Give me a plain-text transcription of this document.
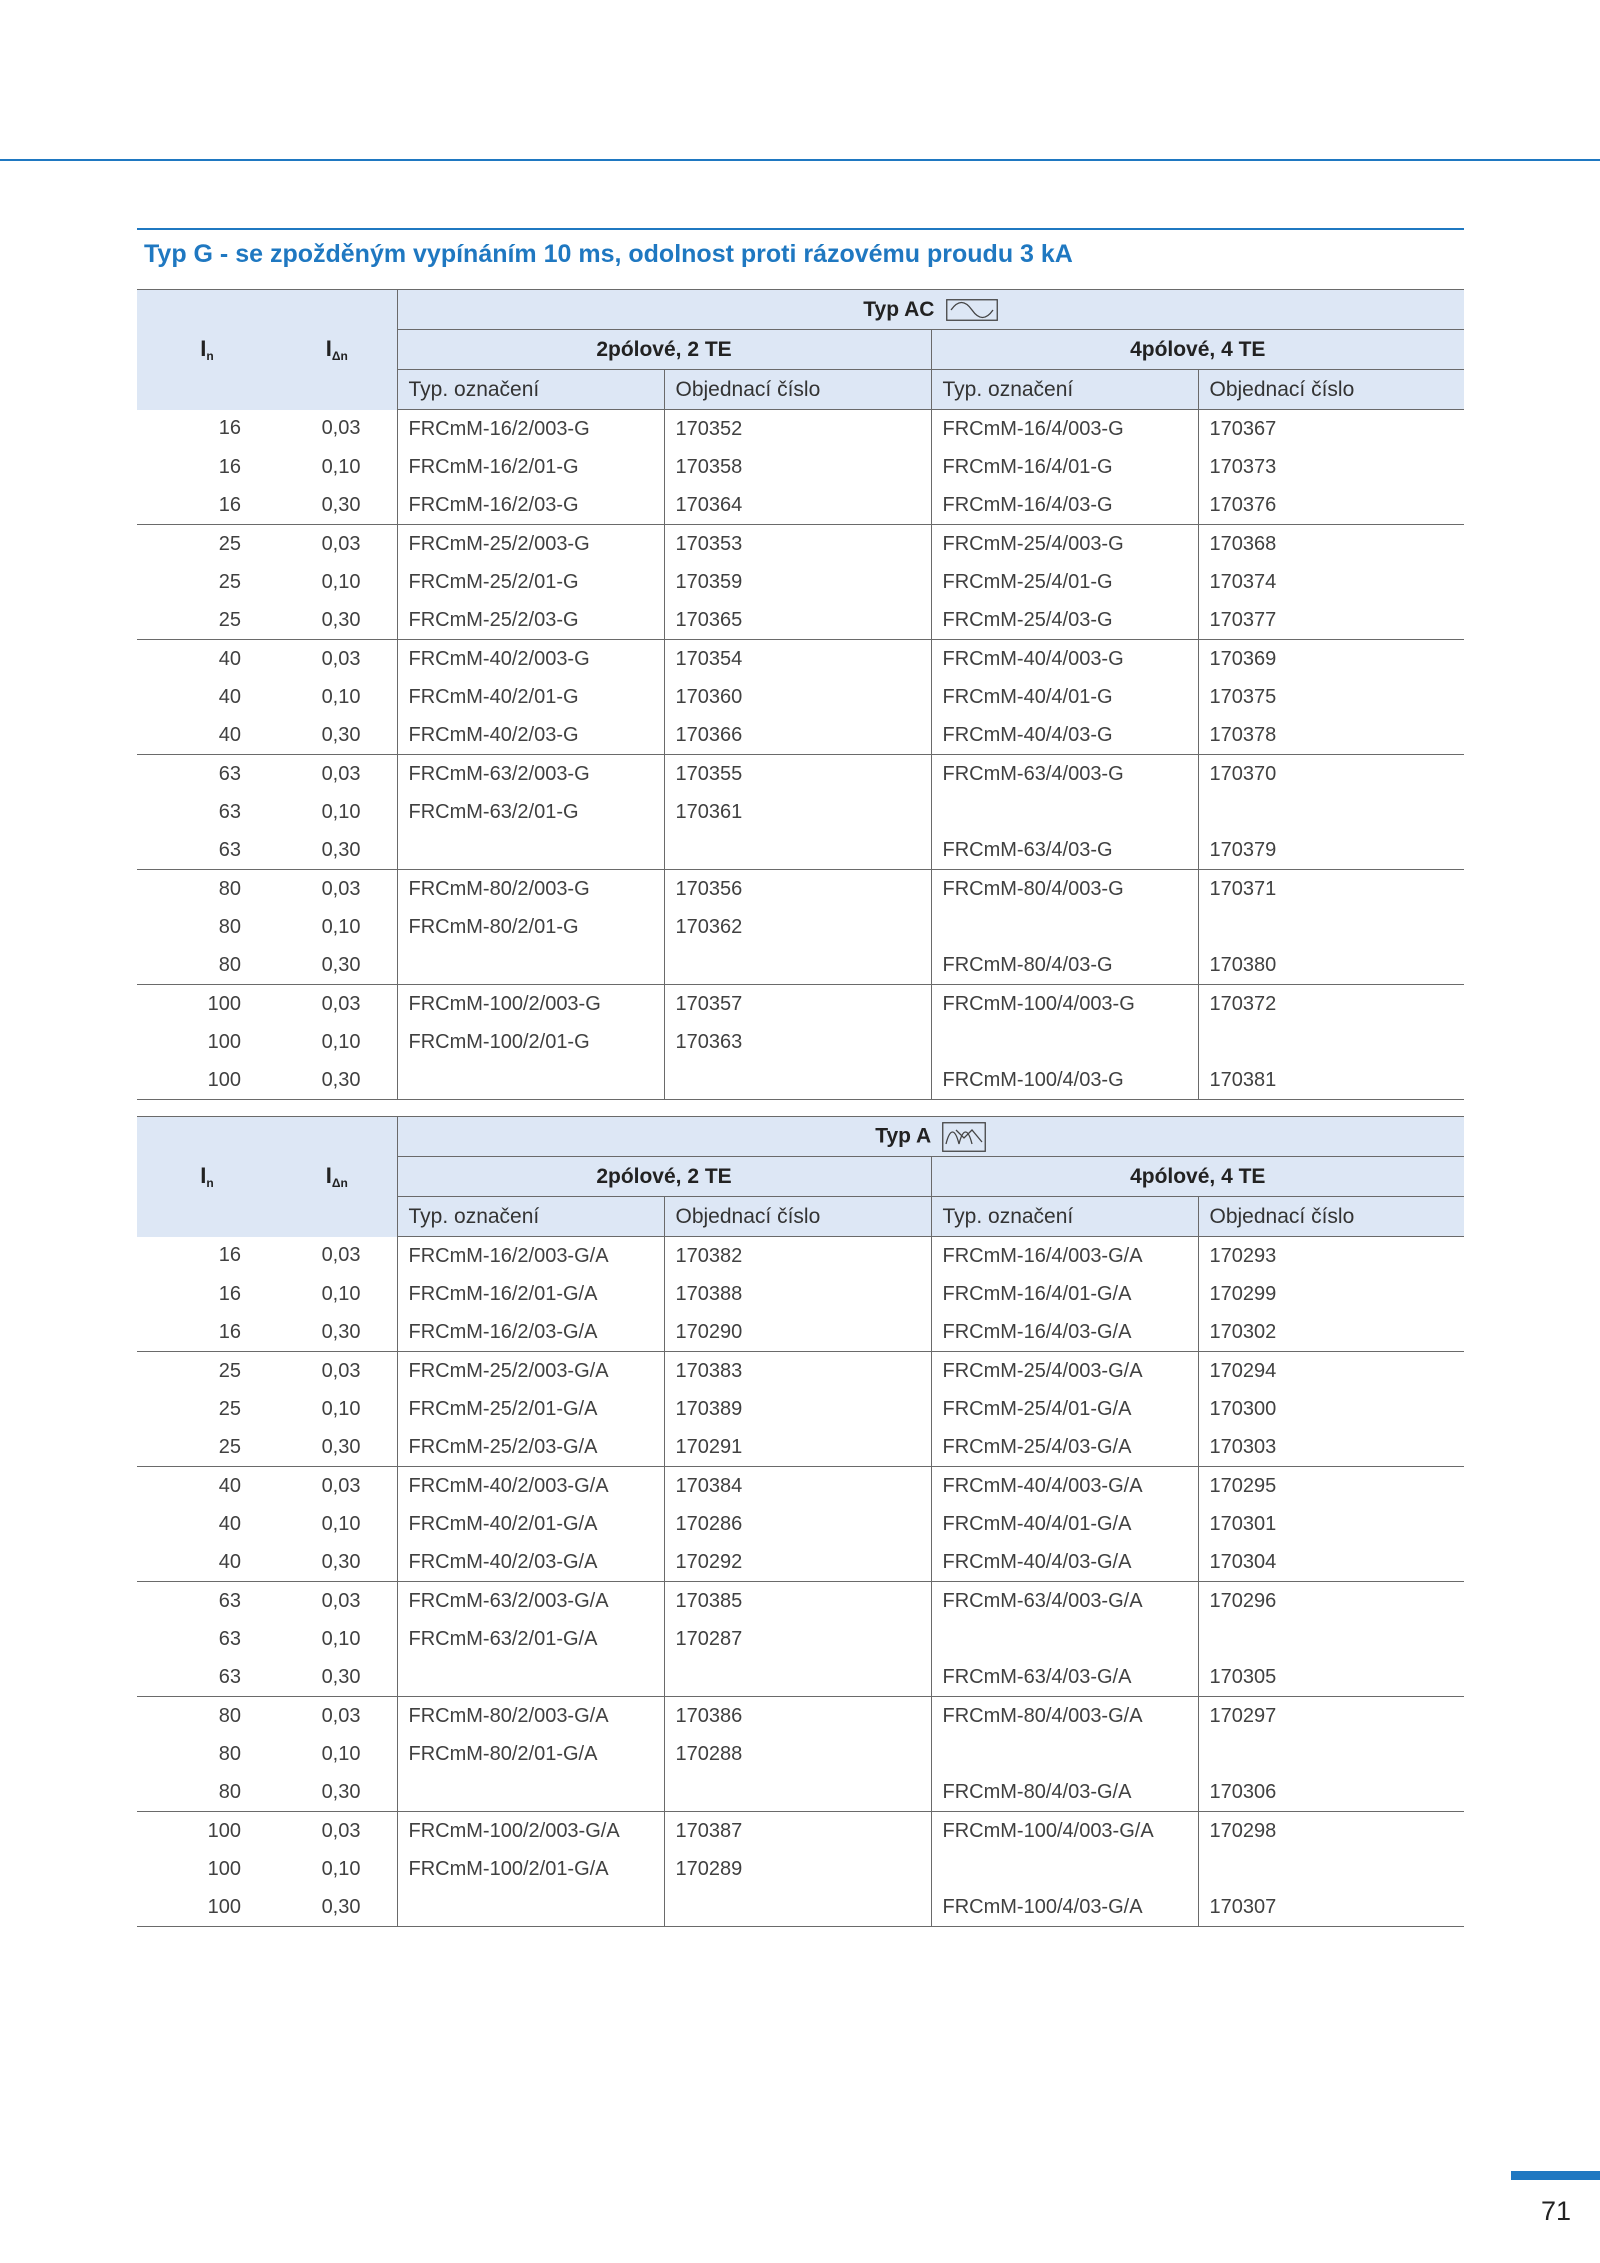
Typ G - se zpožděným vypínáním 10 ms, odolnost proti rázovému proudu 3 kA
$I_n$	$I_{\Delta n}$	Typ AC			
		2pólové, 2 TE		4pólové, 4 TE	
		Typ. označení	Objednací číslo	Typ. označení	Objednací číslo
16	0,03	FRCmM-16/2/003-G	170352	FRCmM-16/4/003-G	170367
16	0,10	FRCmM-16/2/01-G	170358	FRCmM-16/4/01-G	170373
16	0,30	FRCmM-16/2/03-G	170364	FRCmM-16/4/03-G	170376
25	0,03	FRCmM-25/2/003-G	170353	FRCmM-25/4/003-G	170368
25	0,10	FRCmM-25/2/01-G	170359	FRCmM-25/4/01-G	170374
25	0,30	FRCmM-25/2/03-G	170365	FRCmM-25/4/03-G	170377
40	0,03	FRCmM-40/2/003-G	170354	FRCmM-40/4/003-G	170369
40	0,10	FRCmM-40/2/01-G	170360	FRCmM-40/4/01-G	170375
40	0,30	FRCmM-40/2/03-G	170366	FRCmM-40/4/03-G	170378
63	0,03	FRCmM-63/2/003-G	170355	FRCmM-63/4/003-G	170370
63	0,10	FRCmM-63/2/01-G	170361		
63	0,30			FRCmM-63/4/03-G	170379
80	0,03	FRCmM-80/2/003-G	170356	FRCmM-80/4/003-G	170371
80	0,10	FRCmM-80/2/01-G	170362		
80	0,30			FRCmM-80/4/03-G	170380
100	0,03	FRCmM-100/2/003-G	170357	FRCmM-100/4/003-G	170372
100	0,10	FRCmM-100/2/01-G	170363		
100	0,30			FRCmM-100/4/03-G	170381
$I_n$	$I_{\Delta n}$	Typ A			
		2pólové, 2 TE		4pólové, 4 TE	
		Typ. označení	Objednací číslo	Typ. označení	Objednací číslo
16	0,03	FRCmM-16/2/003-G/A	170382	FRCmM-16/4/003-G/A	170293
16	0,10	FRCmM-16/2/01-G/A	170388	FRCmM-16/4/01-G/A	170299
16	0,30	FRCmM-16/2/03-G/A	170290	FRCmM-16/4/03-G/A	170302
25	0,03	FRCmM-25/2/003-G/A	170383	FRCmM-25/4/003-G/A	170294
25	0,10	FRCmM-25/2/01-G/A	170389	FRCmM-25/4/01-G/A	170300
25	0,30	FRCmM-25/2/03-G/A	170291	FRCmM-25/4/03-G/A	170303
40	0,03	FRCmM-40/2/003-G/A	170384	FRCmM-40/4/003-G/A	170295
40	0,10	FRCmM-40/2/01-G/A	170286	FRCmM-40/4/01-G/A	170301
40	0,30	FRCmM-40/2/03-G/A	170292	FRCmM-40/4/03-G/A	170304
63	0,03	FRCmM-63/2/003-G/A	170385	FRCmM-63/4/003-G/A	170296
63	0,10	FRCmM-63/2/01-G/A	170287		
63	0,30			FRCmM-63/4/03-G/A	170305
80	0,03	FRCmM-80/2/003-G/A	170386	FRCmM-80/4/003-G/A	170297
80	0,10	FRCmM-80/2/01-G/A	170288		
80	0,30			FRCmM-80/4/03-G/A	170306
100	0,03	FRCmM-100/2/003-G/A	170387	FRCmM-100/4/003-G/A	170298
100	0,10	FRCmM-100/2/01-G/A	170289		
100	0,30			FRCmM-100/4/03-G/A	170307

71
